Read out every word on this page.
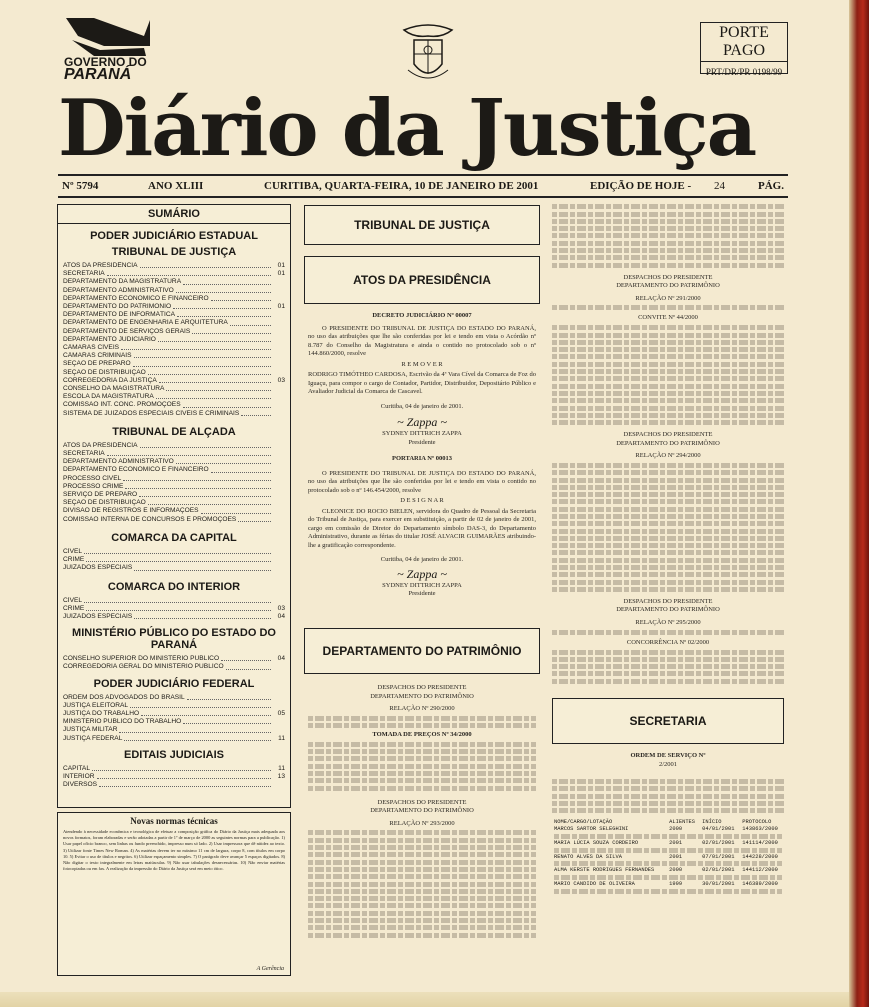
GOVERNO DO
PARANÁ
PORTE PAGO
PRT/DR/PR 0198/99
Diário da Justiça
Nº 5794	ANO XLIII	CURITIBA, QUARTA-FEIRA, 10 DE JANEIRO DE 2001	EDIÇÃO DE HOJE - 24	PÁG.
SUMÁRIO
PODER JUDICIÁRIO ESTADUAL
TRIBUNAL DE JUSTIÇA
ATOS DA PRESIDÊNCIA	01
SECRETARIA	01
DEPARTAMENTO DA MAGISTRATURA
DEPARTAMENTO ADMINISTRATIVO
DEPARTAMENTO ECONÔMICO E FINANCEIRO
DEPARTAMENTO DO PATRIMÔNIO	01
DEPARTAMENTO DE INFORMÁTICA
DEPARTAMENTO DE ENGENHARIA E ARQUITETURA
DEPARTAMENTO DE SERVIÇOS GERAIS
DEPARTAMENTO JUDICIÁRIO
CÂMARAS CÍVEIS
CÂMARAS CRIMINAIS
SEÇÃO DE PREPARO
SEÇÃO DE DISTRIBUIÇÃO
CORREGEDORIA DA JUSTIÇA	03
CONSELHO DA MAGISTRATURA
ESCOLA DA MAGISTRATURA
COMISSÃO INT. CONC. PROMOÇÕES
SISTEMA DE JUIZADOS ESPECIAIS CÍVEIS E CRIMINAIS
TRIBUNAL DE ALÇADA
ATOS DA PRESIDÊNCIA
SECRETARIA
DEPARTAMENTO ADMINISTRATIVO
DEPARTAMENTO ECONÔMICO E FINANCEIRO
PROCESSO CÍVEL
PROCESSO CRIME
SERVIÇO DE PREPARO
SEÇÃO DE DISTRIBUIÇÃO
DIVISÃO DE REGISTROS E INFORMAÇÕES
COMISSÃO INTERNA DE CONCURSOS E PROMOÇÕES
COMARCA DA CAPITAL
CÍVEL
CRIME
JUIZADOS ESPECIAIS
COMARCA DO INTERIOR
CÍVEL
CRIME	03
JUIZADOS ESPECIAIS	04
MINISTÉRIO PÚBLICO DO ESTADO DO PARANÁ
CONSELHO SUPERIOR DO MINISTÉRIO PÚBLICO	04
CORREGEDORIA GERAL DO MINISTÉRIO PÚBLICO
PODER JUDICIÁRIO FEDERAL
ORDEM DOS ADVOGADOS DO BRASIL
JUSTIÇA ELEITORAL
JUSTIÇA DO TRABALHO	05
MINISTÉRIO PÚBLICO DO TRABALHO
JUSTIÇA MILITAR
JUSTIÇA FEDERAL	11
EDITAIS JUDICIAIS
CAPITAL	11
INTERIOR	13
DIVERSOS
Novas normas técnicas
Atendendo à necessidade econômica e tecnológica de efetuar a composição gráfica do Diário da Justiça mais adequada aos novos formatos, foram elaboradas e serão adotadas a partir de 1º de março de 2000 as seguintes normas para a publicação. 1) Usar papel ofício branco, sem linhas ou fundo preenchido, impresso num só lado. 2) Usar impressora que dê nitidez ao texto. 3) Utilizar fonte Times New Roman. 4) As matérias devem ter no máximo 11 cm de largura, corpo 8, com títulos em corpo 10. 5) Evitar o uso de títulos e negritos. 6) Utilizar espaçamento simples. 7) O parágrafo deve avançar 5 espaços digitados. 8) Não digitar o texto integralmente em letras maiúsculas. 9) Não usar tabulações desnecessárias. 10) Não enviar matérias fotocopiadas ou em fax. A realização da impressão do Diário da Justiça será em meio ótico.
A Gerência
TRIBUNAL DE JUSTIÇA
ATOS DA PRESIDÊNCIA
DECRETO JUDICIÁRIO Nº 00007
O PRESIDENTE DO TRIBUNAL DE JUSTIÇA DO ESTADO DO PARANÁ, no uso das atribuições que lhe são conferidas por lei e tendo em vista o Acórdão nº 8.787 do Conselho da Magistratura e ainda o contido no protocolado sob o nº 144.860/2000, resolve
R E M O V E R
RODRIGO TIMÓTHEO CARDOSA, Escrivão da 4ª Vara Cível da Comarca de Foz do Iguaçu, para compor o cargo de Contador, Partidor, Distribuidor, Depositário Público e Avaliador Judicial da Comarca de Cascavel.
Curitiba, 04 de janeiro de 2001.
~ Zappa ~
SYDNEY DITTRICH ZAPPA
Presidente
PORTARIA Nº 00013
O PRESIDENTE DO TRIBUNAL DE JUSTIÇA DO ESTADO DO PARANÁ, no uso das atribuições que lhe são conferidas por lei e tendo em vista o contido no protocolado sob o nº 146.454/2000, resolve
D E S I G N A R
CLEONICE DO ROCIO BIELEN, servidora do Quadro de Pessoal da Secretaria do Tribunal de Justiça, para exercer em substituição, a partir de 02 de janeiro de 2001, cargo em comissão de Diretor do Departamento símbolo DAS-3, do Departamento Administrativo, durante as férias do titular JOSÉ ALVACIR GUIMARÃES atribuindo-lhe a gratificação correspondente.
Curitiba, 04 de janeiro de 2001.
~ Zappa ~
SYDNEY DITTRICH ZAPPA
Presidente
DEPARTAMENTO DO PATRIMÔNIO
DESPACHOS DO PRESIDENTE
DEPARTAMENTO DO PATRIMÔNIO
RELAÇÃO Nº 290/2000
TOMADA DE PREÇOS Nº 34/2000
DESPACHOS DO PRESIDENTE
DEPARTAMENTO DO PATRIMÔNIO
RELAÇÃO Nº 293/2000
DESPACHOS DO PRESIDENTE
DEPARTAMENTO DO PATRIMÔNIO
RELAÇÃO Nº 291/2000
CONVITE Nº 44/2000
DESPACHOS DO PRESIDENTE
DEPARTAMENTO DO PATRIMÔNIO
RELAÇÃO Nº 294/2000
DESPACHOS DO PRESIDENTE
DEPARTAMENTO DO PATRIMÔNIO
RELAÇÃO Nº 295/2000
CONCORRÊNCIA Nº 02/2000
SECRETARIA
ORDEM DE SERVIÇO Nº
2/2001
NOME/CARGO/LOTAÇÃO	ALIENTES	INÍCIO	PROTOCOLO
MARCOS SARTOR SELEGHINI	2000	04/01/2001	143863/2000

MARIA LÚCIA SOUZA CORDEIRO	2001	02/01/2001	141114/2000

RENATO ALVES DA SILVA	2001	07/01/2001	144228/2000

ALMA KERSTE RODRIGUES FERNANDES	2000	02/01/2001	144112/2000

MARIO CANDIDO DE OLIVEIRA	1999	30/01/2001	146389/2000
